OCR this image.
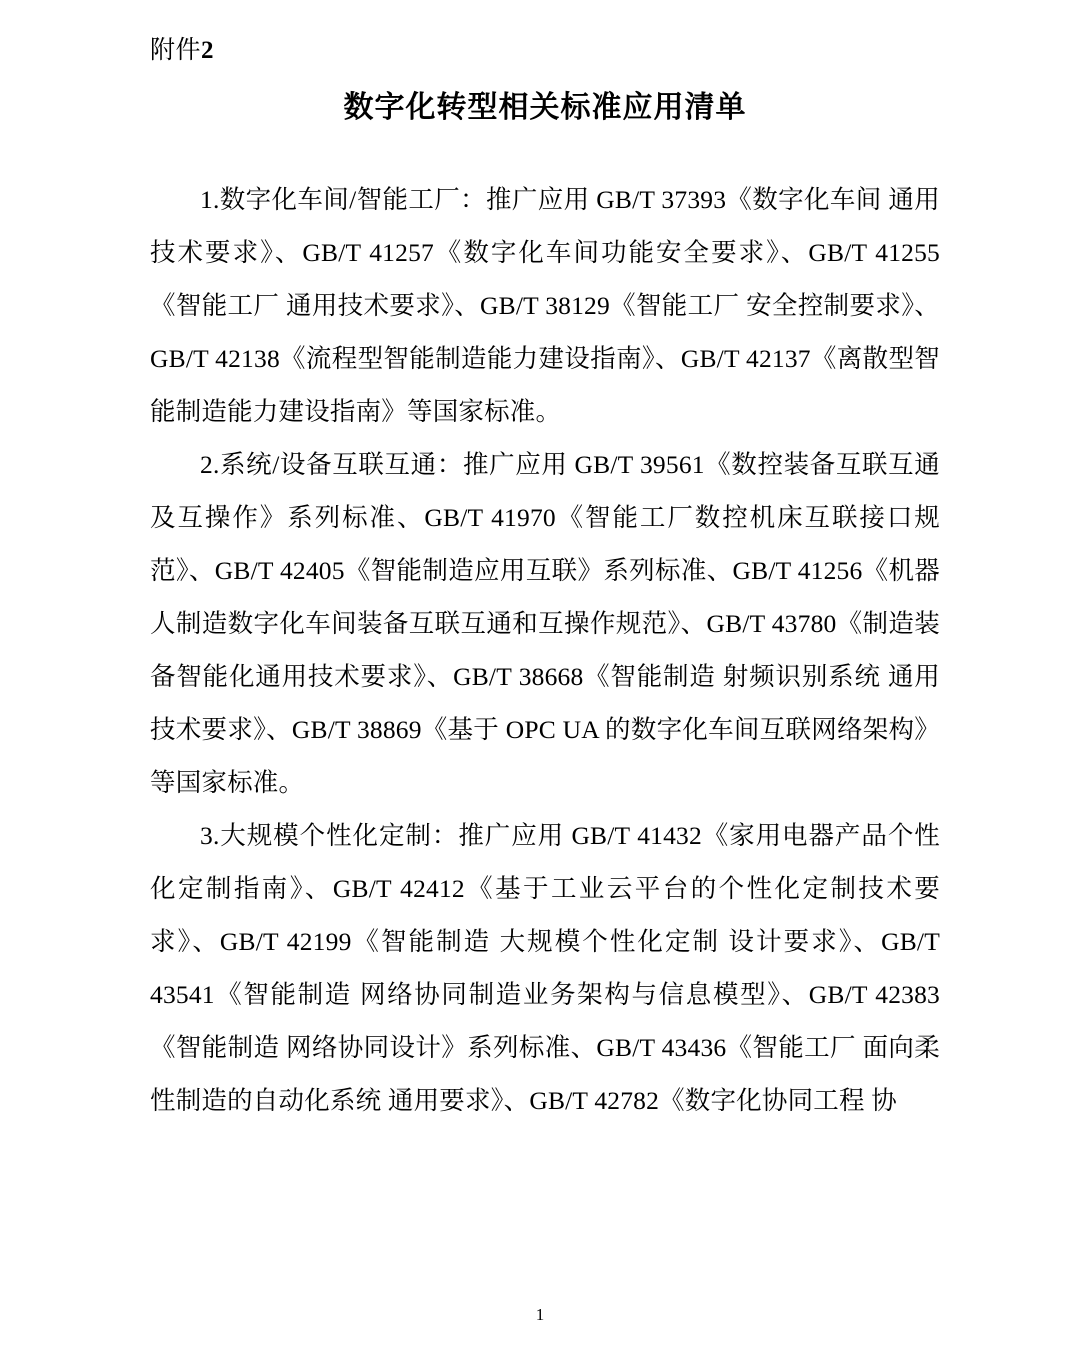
附件2
数字化转型相关标准应用清单

1.数字化车间/智能工厂：推广应用 GB/T 37393《数字化车间 通用技术要求》、GB/T 41257《数字化车间功能安全要求》、GB/T 41255《智能工厂 通用技术要求》、GB/T 38129《智能工厂 安全控制要求》、GB/T 42138《流程型智能制造能力建设指南》、GB/T 42137《离散型智能制造能力建设指南》等国家标准。

2.系统/设备互联互通：推广应用 GB/T 39561《数控装备互联互通及互操作》系列标准、GB/T 41970《智能工厂数控机床互联接口规范》、GB/T 42405《智能制造应用互联》系列标准、GB/T 41256《机器人制造数字化车间装备互联互通和互操作规范》、GB/T 43780《制造装备智能化通用技术要求》、GB/T 38668《智能制造 射频识别系统 通用技术要求》、GB/T 38869《基于 OPC UA 的数字化车间互联网络架构》等国家标准。

3.大规模个性化定制：推广应用 GB/T 41432《家用电器产品个性化定制指南》、GB/T 42412《基于工业云平台的个性化定制技术要求》、GB/T 42199《智能制造 大规模个性化定制 设计要求》、GB/T 43541《智能制造 网络协同制造业务架构与信息模型》、GB/T 42383《智能制造 网络协同设计》系列标准、GB/T 43436《智能工厂 面向柔性制造的自动化系统 通用要求》、GB/T 42782《数字化协同工程 协

1
